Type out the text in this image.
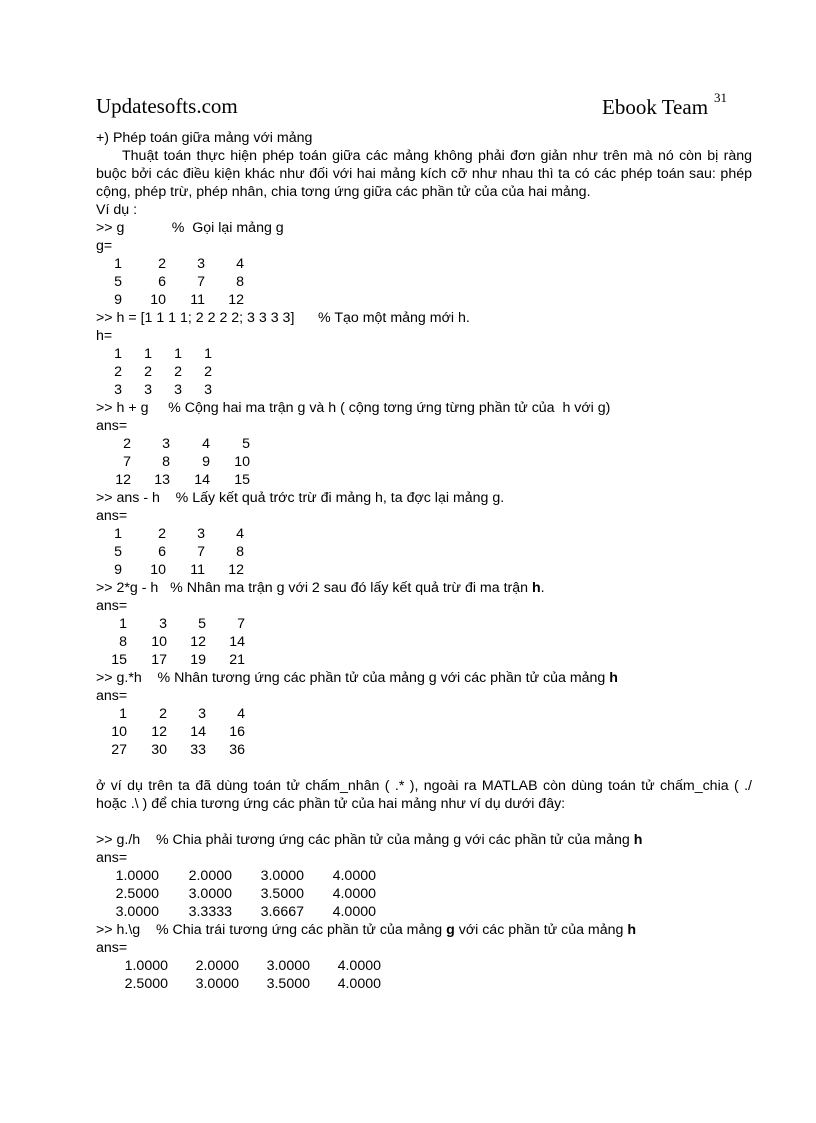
Updatesofts.com	Ebook Team $^{31}$

+) Phép toán giữa mảng với mảng

Thuật toán thực hiện phép toán giữa các mảng không phải đơn giản như trên mà nó còn bị ràng buộc bởi các điều kiện khác như đối với hai mảng kích cỡ như nhau thì ta có các phép toán sau: phép cộng, phép trừ, phép nhân, chia tơng ứng giữa các phần tử của của hai mảng.

Ví dụ :

>> g            %  Gọi lại mảng g
g=
1	2	3	4
5	6	7	8
9	10	11	12
>> h = [1 1 1 1; 2 2 2 2; 3 3 3 3]      % Tạo một mảng mới h.
h=
1	1	1	1
2	2	2	2
3	3	3	3
>> h + g     % Cộng hai ma trận g và h ( cộng tơng ứng từng phần tử của  h với g)
ans=
2	3	4	5
7	8	9	10
12	13	14	15
>> ans - h    % Lấy kết quả trớc trừ đi mảng h, ta đợc lại mảng g.
ans=
1	2	3	4
5	6	7	8
9	10	11	12
>> 2*g - h   % Nhân ma trận g với 2 sau đó lấy kết quả trừ đi ma trận h.
ans=
1	3	5	7
8	10	12	14
15	17	19	21
>> g.*h    % Nhân tương ứng các phần tử của mảng g với các phần tử của mảng h
ans=
1	2	3	4
10	12	14	16
27	30	33	36

ở ví dụ trên ta đã dùng toán tử chấm_nhân ( .* ), ngoài ra MATLAB còn dùng toán tử chấm_chia ( ./ hoặc .\ ) để chia tương ứng các phần tử của hai mảng như ví dụ dưới đây:

>> g./h    % Chia phải tương ứng các phần tử của mảng g với các phần tử của mảng h
ans=
1.0000	2.0000	3.0000	4.0000
2.5000	3.0000	3.5000	4.0000
3.0000	3.3333	3.6667	4.0000
>> h.\g    % Chia trái tương ứng các phần tử của mảng g với các phần tử của mảng h
ans=
1.0000	2.0000	3.0000	4.0000
2.5000	3.0000	3.5000	4.0000
